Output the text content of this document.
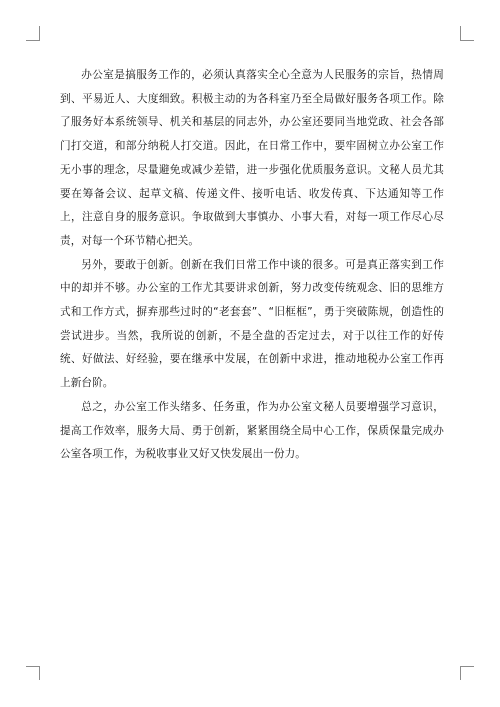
办公室是搞服务工作的，必须认真落实全心全意为人民服务的宗旨，热情周到、平易近人、大度细致。积极主动的为各科室乃至全局做好服务各项工作。除了服务好本系统领导、机关和基层的同志外，办公室还要同当地党政、社会各部门打交道，和部分纳税人打交道。因此，在日常工作中，要牢固树立办公室工作无小事的理念，尽量避免或减少差错，进一步强化优质服务意识。文秘人员尤其要在筹备会议、起草文稿、传递文件、接听电话、收发传真、下达通知等工作上，注意自身的服务意识。争取做到大事慎办、小事大看，对每一项工作尽心尽责，对每一个环节精心把关。

另外，要敢于创新。创新在我们日常工作中谈的很多。可是真正落实到工作中的却并不够。办公室的工作尤其要讲求创新，努力改变传统观念、旧的思维方式和工作方式，摒弃那些过时的“老套套”、“旧框框”，勇于突破陈规，创造性的尝试进步。当然，我所说的创新，不是全盘的否定过去，对于以往工作的好传统、好做法、好经验，要在继承中发展，在创新中求进，推动地税办公室工作再上新台阶。

总之，办公室工作头绪多、任务重，作为办公室文秘人员要增强学习意识，提高工作效率，服务大局、勇于创新，紧紧围绕全局中心工作，保质保量完成办公室各项工作，为税收事业又好又快发展出一份力。
